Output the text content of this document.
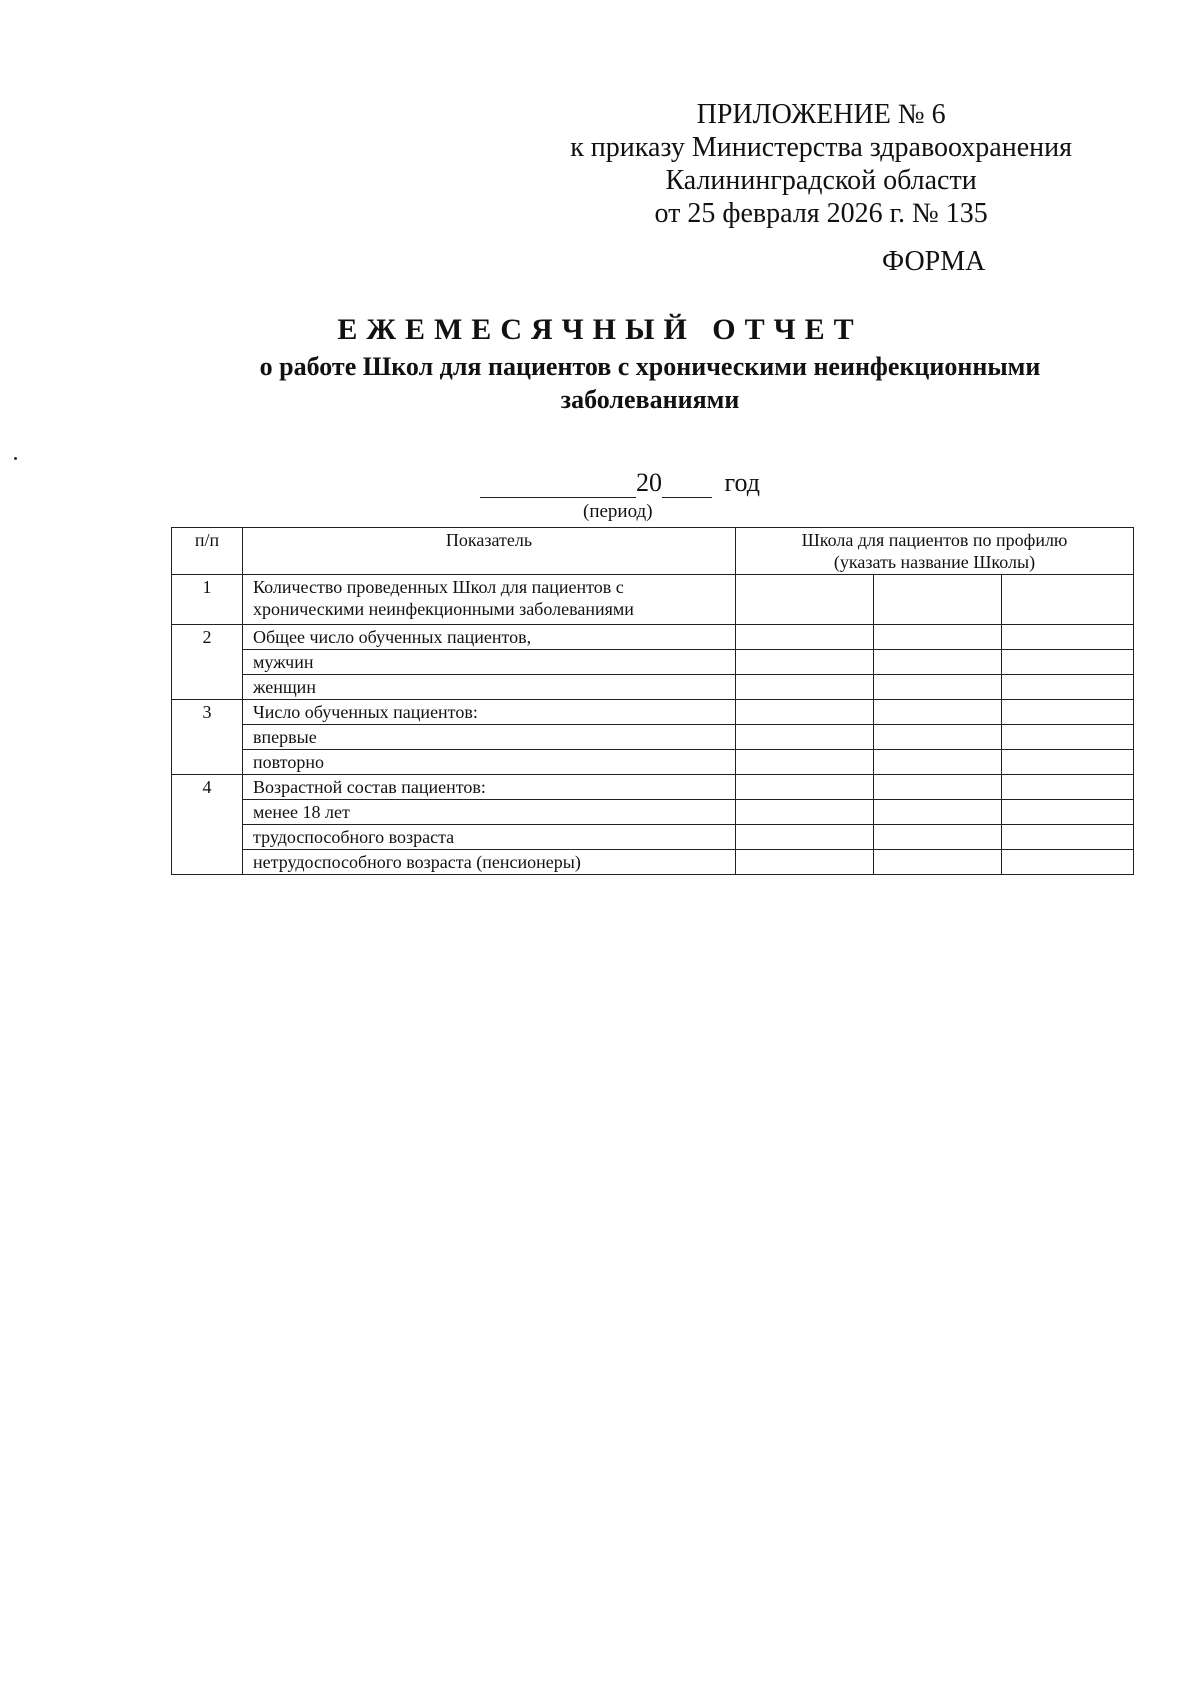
ПРИЛОЖЕНИЕ № 6
к приказу Министерства здравоохранения
Калининградской области
от 25 февраля 2026 г. № 135
ФОРМА
ЕЖЕМЕСЯЧНЫЙ ОТЧЕТ
о работе Школ для пациентов с хроническими неинфекционными
заболеваниями
20 год
(период)
п/п	Показатель	Школа для пациентов по профилю
(указать название Школы)		

1	Количество проведенных Школ для пациентов с
хроническими неинфекционными заболеваниями			

2	Общее число обученных пациентов,			
	мужчин			
	женщин			
3	Число обученных пациентов:			
	впервые			
	повторно			
4	Возрастной состав пациентов:			
	менее 18 лет			
	трудоспособного возраста			
	нетрудоспособного возраста (пенсионеры)			
